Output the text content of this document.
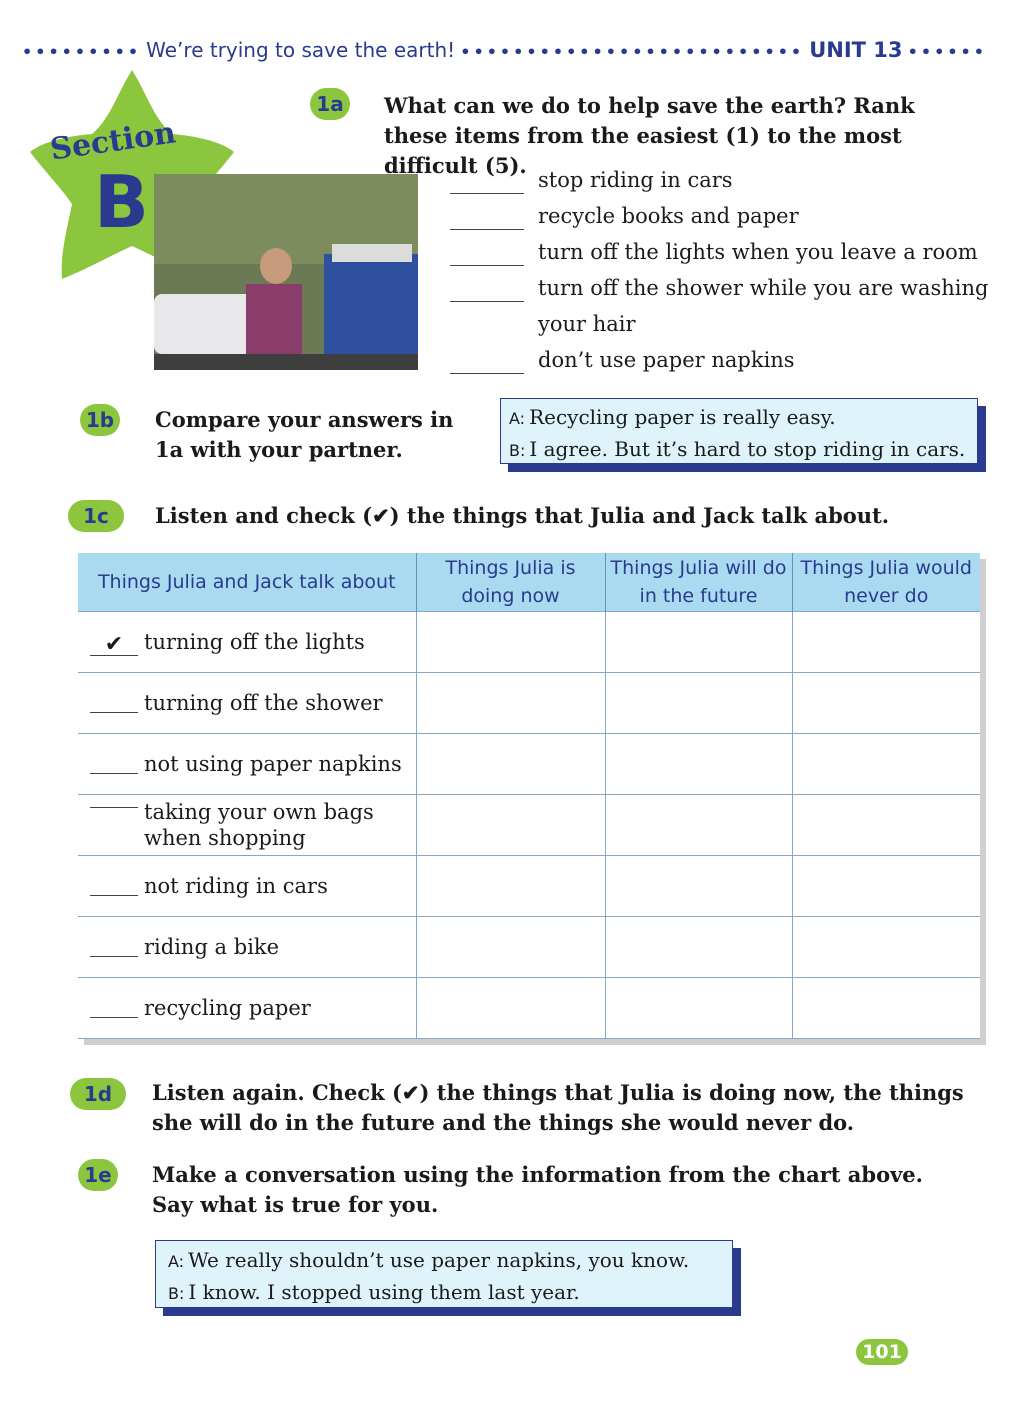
••••••••• We’re trying to save the earth! •••••••••••••••••••••••••• UNIT 13 ••••••
Section
B
1a What can we do to help save the earth? Rank these items from the easiest (1) to the most difficult (5).
stop riding in cars
recycle books and paper
turn off the lights when you leave a room
turn off the shower while you are washing
your hair
don’t use paper napkins
1b Compare your answers in 1a with your partner.
A: Recycling paper is really easy.
B: I agree. But it’s hard to stop riding in cars.
1c	Listen and check (✔) the things that Julia and Jack talk about.
Things Julia and Jack talk about	Things Julia is doing now	Things Julia will do in the future	Things Julia would never do
✔ turning off the lights			
turning off the shower			
not using paper napkins			
taking your own bags when shopping			
not riding in cars			
riding a bike			
recycling paper			
1d	Listen again. Check (✔) the things that Julia is doing now, the things she will do in the future and the things she would never do.
1e Make a conversation using the information from the chart above. Say what is true for you.
A: We really shouldn’t use paper napkins, you know.
B: I know. I stopped using them last year.
101
